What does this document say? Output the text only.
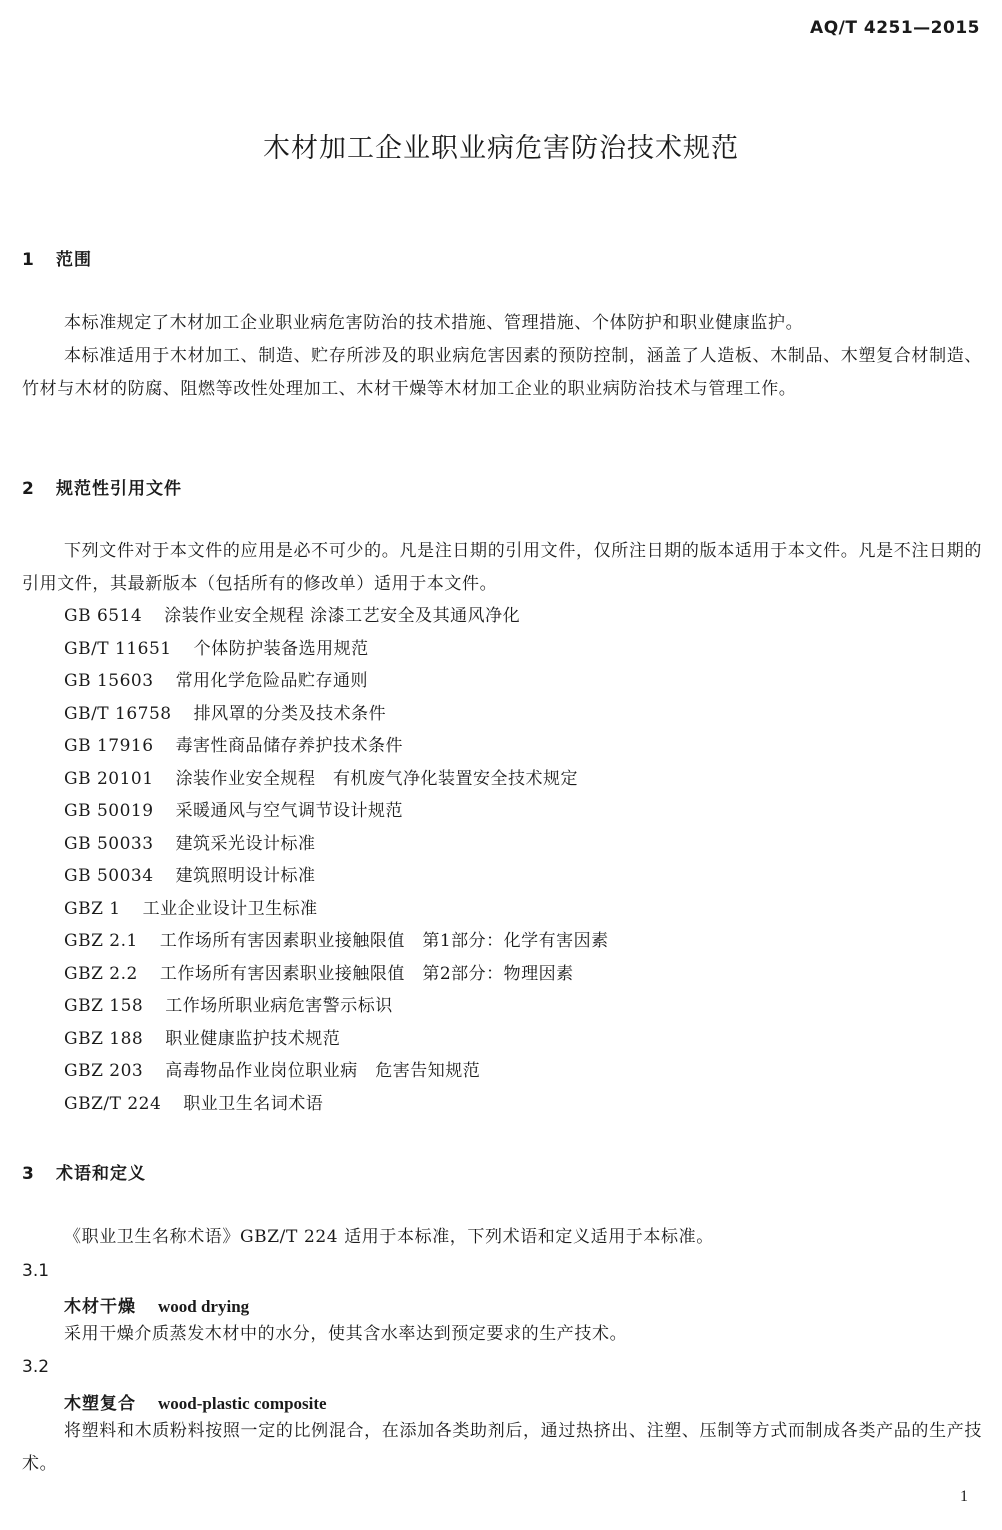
AQ/T 4251—2015
木材加工企业职业病危害防治技术规范
1 范围

本标准规定了木材加工企业职业病危害防治的技术措施、管理措施、个体防护和职业健康监护。

本标准适用于木材加工、制造、贮存所涉及的职业病危害因素的预防控制，涵盖了人造板、木制品、木塑复合材制造、竹材与木材的防腐、阻燃等改性处理加工、木材干燥等木材加工企业的职业病防治技术与管理工作。

2 规范性引用文件

下列文件对于本文件的应用是必不可少的。凡是注日期的引用文件，仅所注日期的版本适用于本文件。凡是不注日期的引用文件，其最新版本（包括所有的修改单）适用于本文件。

GB 6514 涂装作业安全规程 涂漆工艺安全及其通风净化
GB/T 11651 个体防护装备选用规范
GB 15603 常用化学危险品贮存通则
GB/T 16758 排风罩的分类及技术条件
GB 17916 毒害性商品储存养护技术条件
GB 20101 涂装作业安全规程　有机废气净化装置安全技术规定
GB 50019 采暖通风与空气调节设计规范
GB 50033 建筑采光设计标准
GB 50034 建筑照明设计标准
GBZ 1 工业企业设计卫生标准
GBZ 2.1 工作场所有害因素职业接触限值　第1部分：化学有害因素
GBZ 2.2 工作场所有害因素职业接触限值　第2部分：物理因素
GBZ 158 工作场所职业病危害警示标识
GBZ 188 职业健康监护技术规范
GBZ 203 高毒物品作业岗位职业病　危害告知规范
GBZ/T 224 职业卫生名词术语
3 术语和定义

《职业卫生名称术语》GBZ/T 224 适用于本标准，下列术语和定义适用于本标准。

3.1
木材干燥 wood drying

采用干燥介质蒸发木材中的水分，使其含水率达到预定要求的生产技术。

3.2
木塑复合 wood-plastic composite

将塑料和木质粉料按照一定的比例混合，在添加各类助剂后，通过热挤出、注塑、压制等方式而制成各类产品的生产技术。

1
